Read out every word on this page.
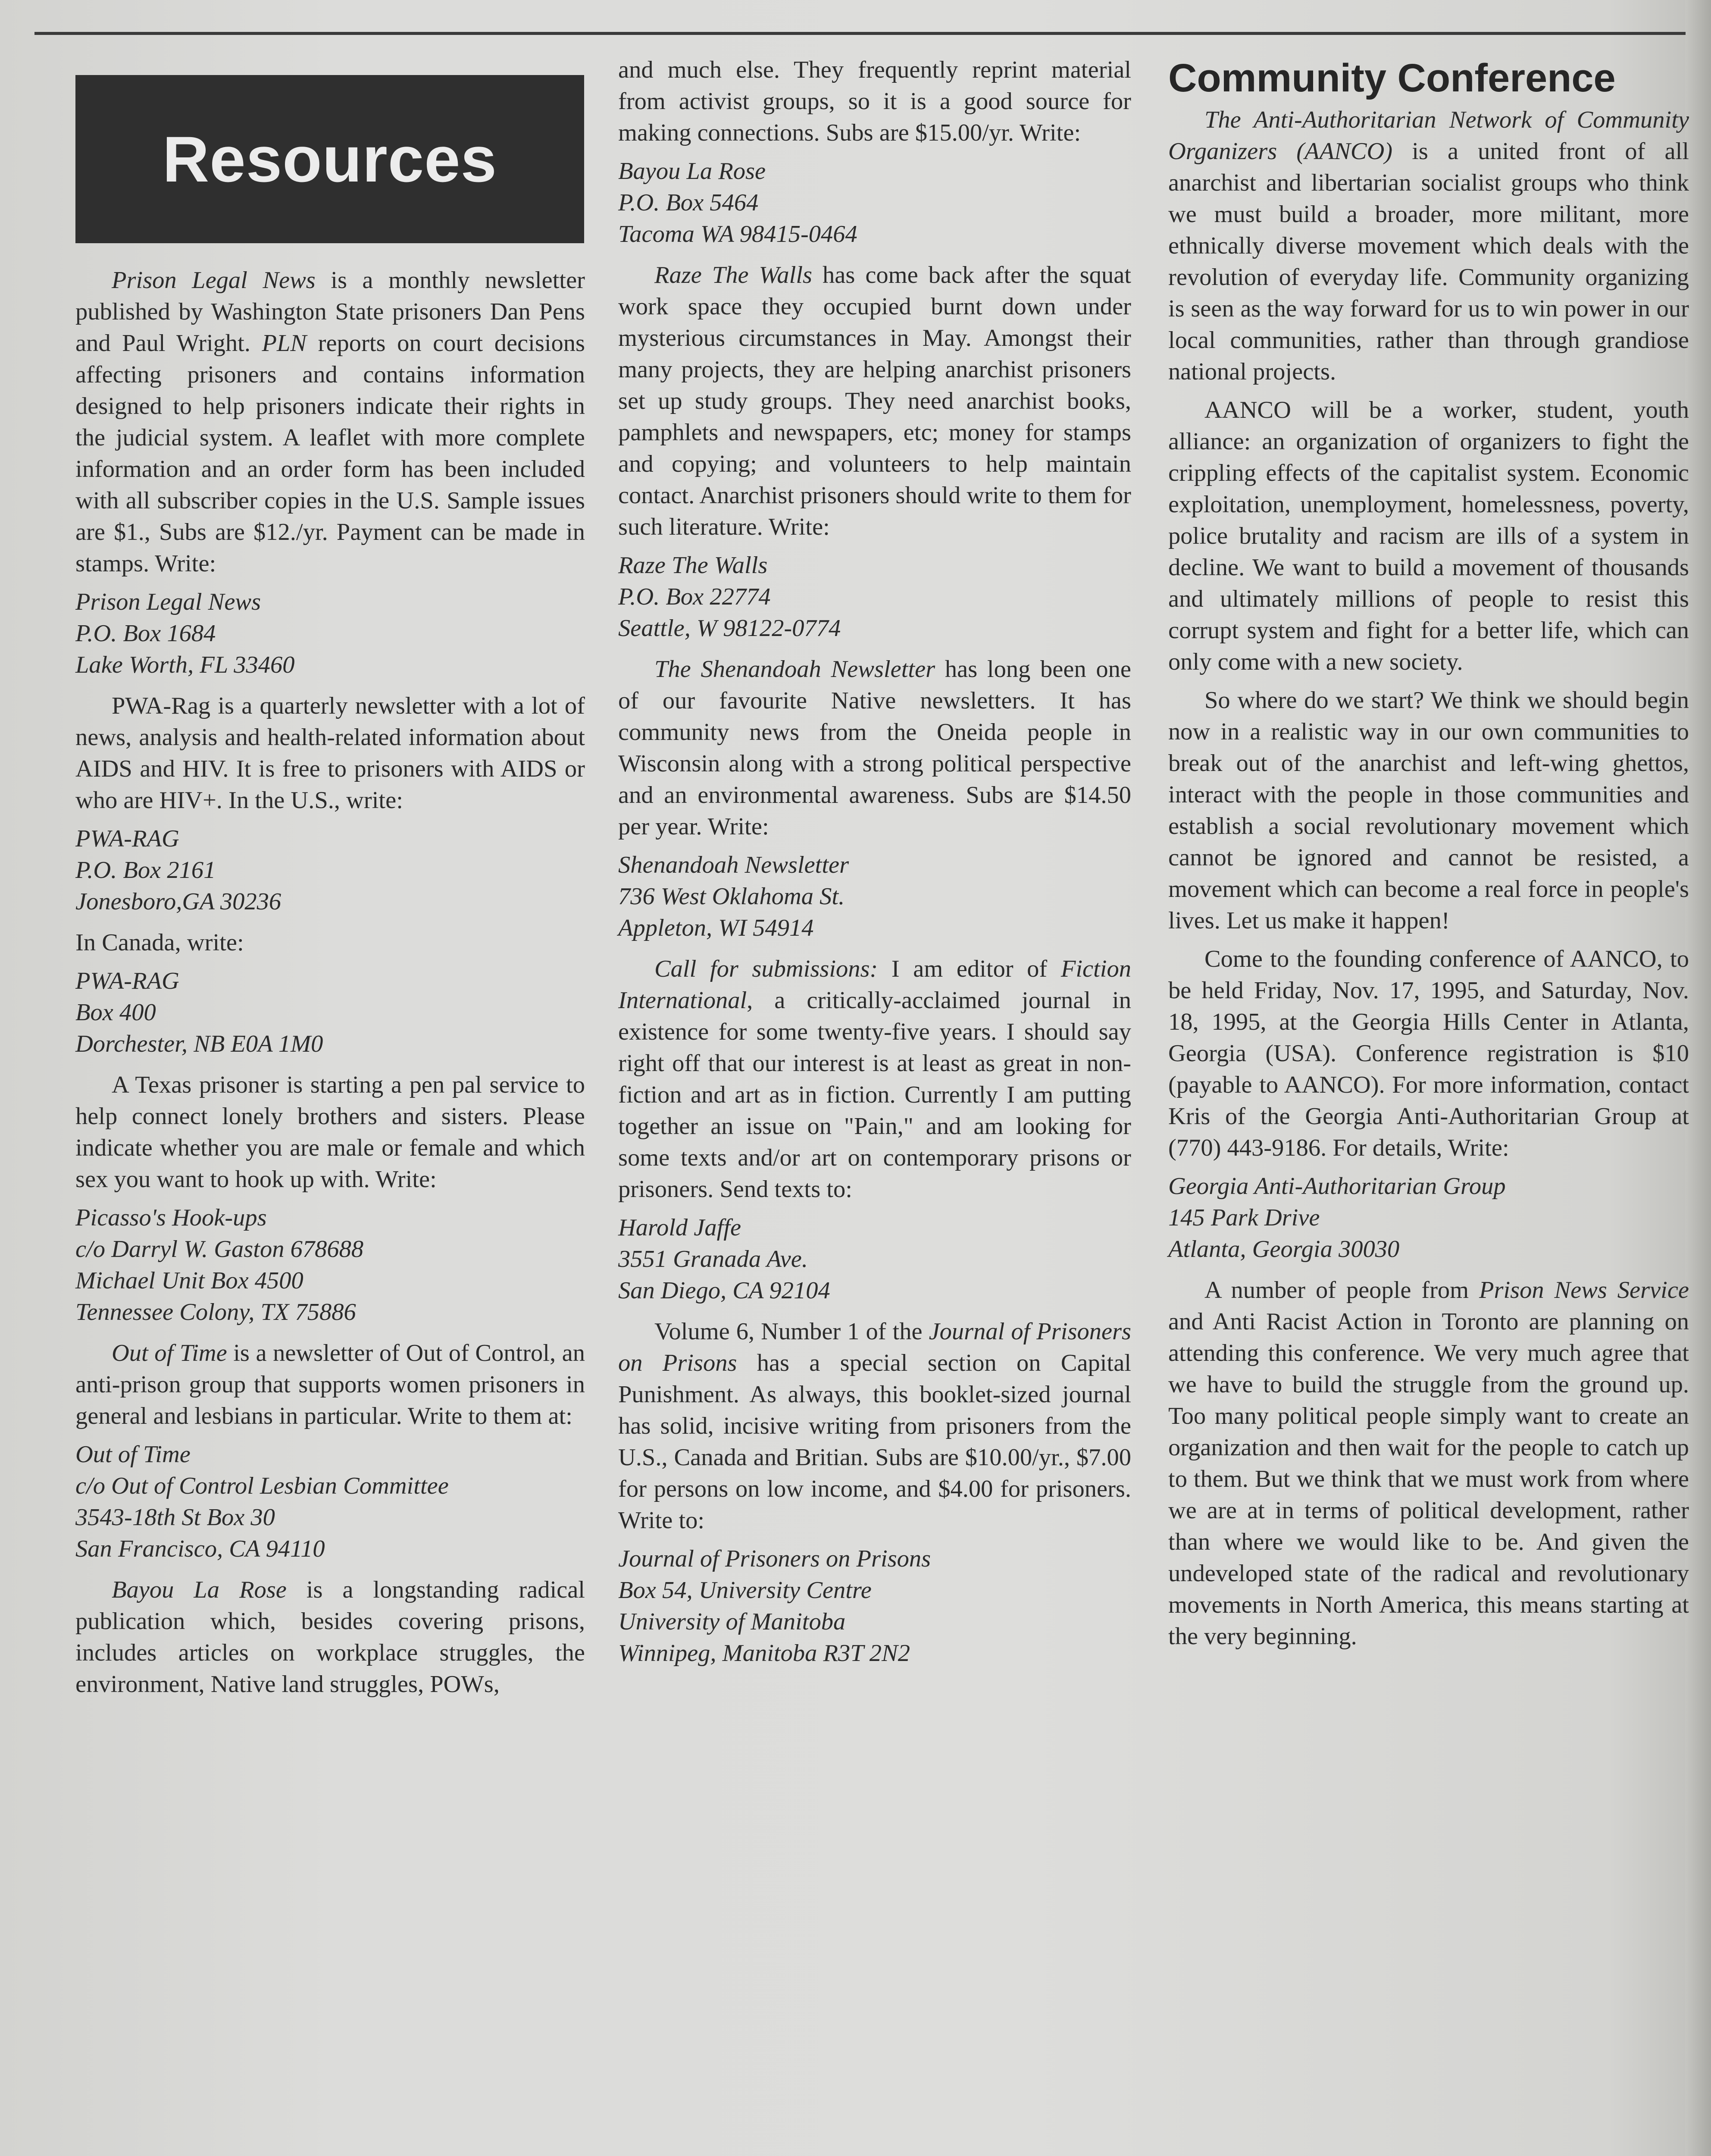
Resources

Prison Legal News is a monthly newsletter published by Washington State prisoners Dan Pens and Paul Wright. PLN reports on court decisions affecting prisoners and contains information designed to help prisoners indicate their rights in the judicial system. A leaflet with more complete information and an order form has been included with all subscriber copies in the U.S. Sample issues are $1., Subs are $12./yr. Payment can be made in stamps. Write:

Prison Legal News
P.O. Box 1684
Lake Worth, FL 33460

PWA-Rag is a quarterly newsletter with a lot of news, analysis and health-related information about AIDS and HIV. It is free to prisoners with AIDS or who are HIV+. In the U.S., write:

PWA-RAG
P.O. Box 2161
Jonesboro,GA 30236

In Canada, write:

PWA-RAG
Box 400
Dorchester, NB E0A 1M0

A Texas prisoner is starting a pen pal service to help connect lonely brothers and sisters. Please indicate whether you are male or female and which sex you want to hook up with. Write:

Picasso's Hook-ups
c/o Darryl W. Gaston 678688
Michael Unit Box 4500
Tennessee Colony, TX 75886

Out of Time is a newsletter of Out of Control, an anti-prison group that supports women prisoners in general and lesbians in particular. Write to them at:

Out of Time
c/o Out of Control Lesbian Committee
3543-18th St Box 30
San Francisco, CA 94110

Bayou La Rose is a longstanding radical publication which, besides covering prisons, includes articles on workplace struggles, the environment, Native land struggles, POWs,

and much else. They frequently reprint material from activist groups, so it is a good source for making connections. Subs are $15.00/yr. Write:

Bayou La Rose
P.O. Box 5464
Tacoma WA 98415-0464

Raze The Walls has come back after the squat work space they occupied burnt down under mysterious circumstances in May. Amongst their many projects, they are helping anarchist prisoners set up study groups. They need anarchist books, pamphlets and newspapers, etc; money for stamps and copying; and volunteers to help maintain contact. Anarchist prisoners should write to them for such literature. Write:

Raze The Walls
P.O. Box 22774
Seattle, W 98122-0774

The Shenandoah Newsletter has long been one of our favourite Native newsletters. It has community news from the Oneida people in Wisconsin along with a strong political perspective and an environmental awareness. Subs are $14.50 per year. Write:

Shenandoah Newsletter
736 West Oklahoma St.
Appleton, WI 54914

Call for submissions: I am editor of Fiction International, a critically-acclaimed journal in existence for some twenty-five years. I should say right off that our interest is at least as great in non-fiction and art as in fiction. Currently I am putting together an issue on "Pain," and am looking for some texts and/or art on contemporary prisons or prisoners. Send texts to:

Harold Jaffe
3551 Granada Ave.
San Diego, CA 92104

Volume 6, Number 1 of the Journal of Prisoners on Prisons has a special section on Capital Punishment. As always, this booklet-sized journal has solid, incisive writing from prisoners from the U.S., Canada and Britian. Subs are $10.00/yr., $7.00 for persons on low income, and $4.00 for prisoners. Write to:

Journal of Prisoners on Prisons
Box 54, University Centre
University of Manitoba
Winnipeg, Manitoba R3T 2N2
Community Conference

The Anti-Authoritarian Network of Community Organizers (AANCO) is a united front of all anarchist and libertarian socialist groups who think we must build a broader, more militant, more ethnically diverse movement which deals with the revolution of everyday life. Community organizing is seen as the way forward for us to win power in our local communities, rather than through grandiose national projects.

AANCO will be a worker, student, youth alliance: an organization of organizers to fight the crippling effects of the capitalist system. Economic exploitation, unemployment, homelessness, poverty, police brutality and racism are ills of a system in decline. We want to build a movement of thousands and ultimately millions of people to resist this corrupt system and fight for a better life, which can only come with a new society.

So where do we start? We think we should begin now in a realistic way in our own communities to break out of the anarchist and left-wing ghettos, interact with the people in those communities and establish a social revolutionary movement which cannot be ignored and cannot be resisted, a movement which can become a real force in people's lives. Let us make it happen!

Come to the founding conference of AANCO, to be held Friday, Nov. 17, 1995, and Saturday, Nov. 18, 1995, at the Georgia Hills Center in Atlanta, Georgia (USA). Conference registration is $10 (payable to AANCO). For more information, contact Kris of the Georgia Anti-Authoritarian Group at (770) 443-9186. For details, Write:

Georgia Anti-Authoritarian Group
145 Park Drive
Atlanta, Georgia 30030

A number of people from Prison News Service and Anti Racist Action in Toronto are planning on attending this conference. We very much agree that we have to build the struggle from the ground up. Too many political people simply want to create an organization and then wait for the people to catch up to them. But we think that we must work from where we are at in terms of political development, rather than where we would like to be. And given the undeveloped state of the radical and revolutionary movements in North America, this means starting at the very beginning.
